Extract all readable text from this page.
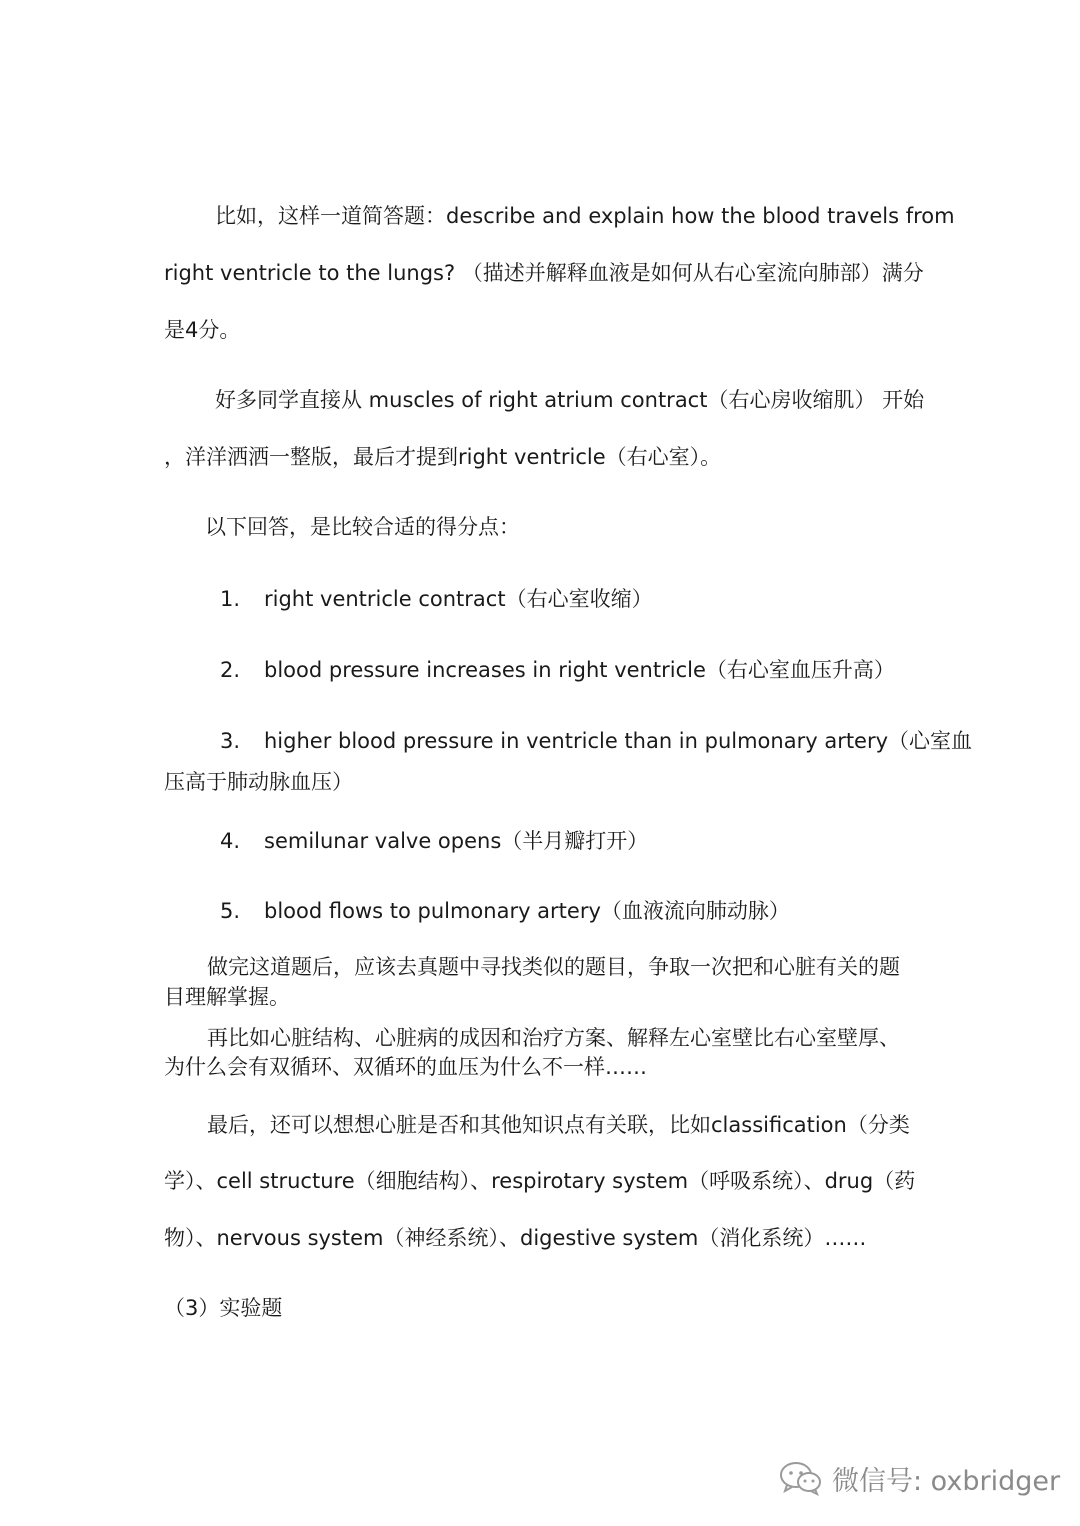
比如，这样一道简答题：describe and explain how the blood travels from

right ventricle to the lungs? （描述并解释血液是如何从右心室流向肺部）满分

是4分。

好多同学直接从 muscles of right atrium contract（右心房收缩肌） 开始

，洋洋洒洒一整版，最后才提到right ventricle（右心室）。

以下回答，是比较合适的得分点：

1. right ventricle contract（右心室收缩）
2. blood pressure increases in right ventricle（右心室血压升高）
3. higher blood pressure in ventricle than in pulmonary artery（心室血
压高于肺动脉血压）
4. semilunar valve opens（半月瓣打开）
5. blood flows to pulmonary artery（血液流向肺动脉）

做完这道题后，应该去真题中寻找类似的题目，争取一次把和心脏有关的题

目理解掌握。

再比如心脏结构、心脏病的成因和治疗方案、解释左心室壁比右心室壁厚、

为什么会有双循环、双循环的血压为什么不一样……

最后，还可以想想心脏是否和其他知识点有关联，比如classification（分类

学）、cell structure（细胞结构）、respirotary system（呼吸系统）、drug（药

物）、nervous system（神经系统）、digestive system（消化系统）……

（3）实验题

微信号: oxbridger
